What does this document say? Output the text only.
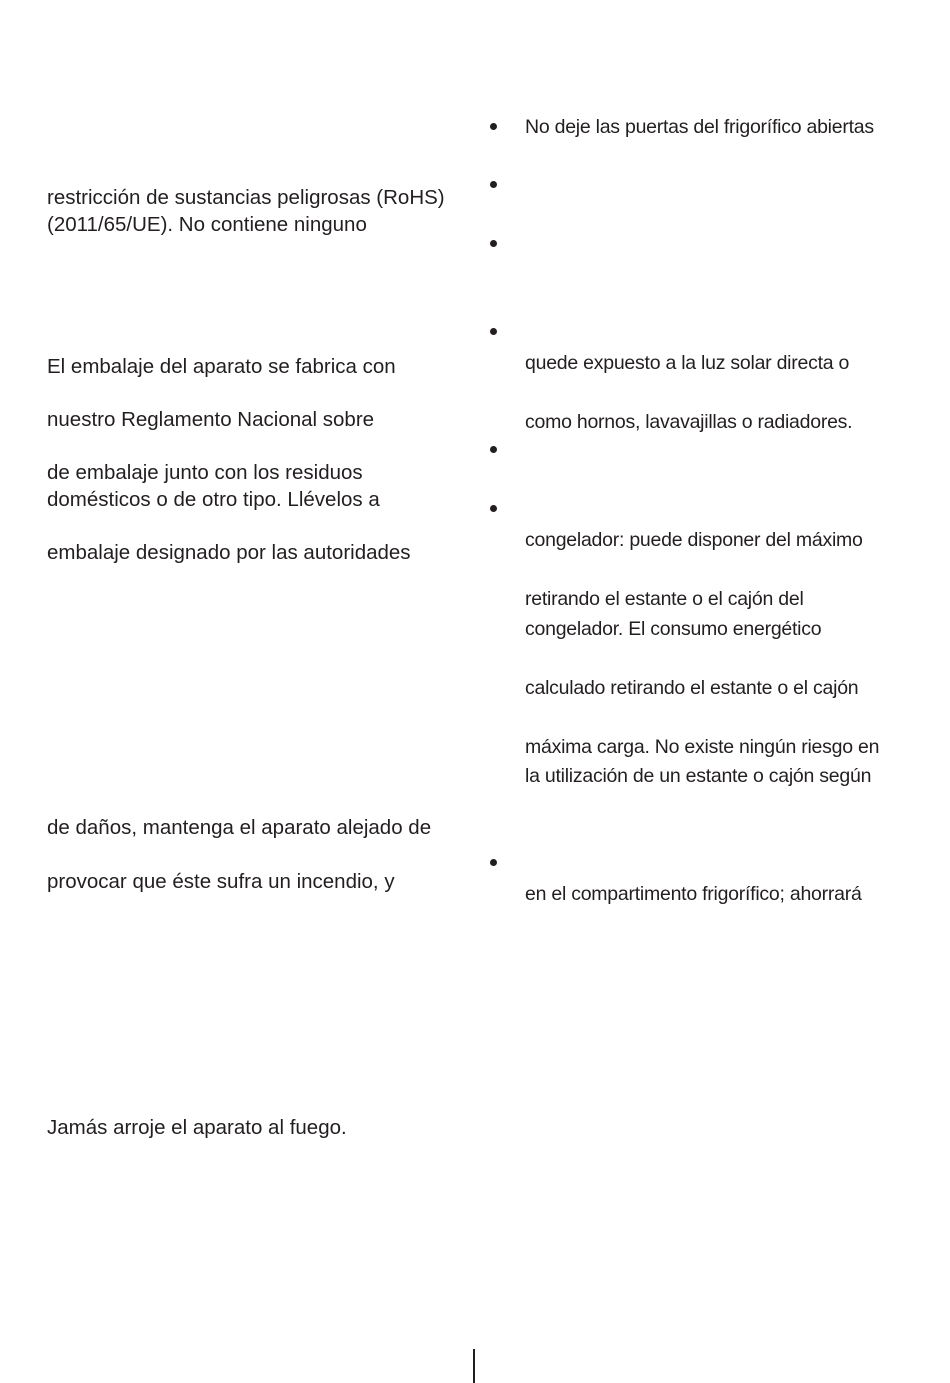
restricción de sustancias peligrosas (RoHS)
(2011/65/UE). No contiene ninguno
El embalaje del aparato se fabrica con
nuestro Reglamento Nacional sobre
de embalaje junto con los residuos
domésticos o de otro tipo. Llévelos a
embalaje designado por las autoridades
de daños, mantenga el aparato alejado de
provocar que éste sufra un incendio, y
Jamás arroje el aparato al fuego.
No deje las puertas del frigorífico abiertas
quede expuesto a la luz solar directa o
como hornos, lavavajillas o radiadores.
congelador: puede disponer del máximo
retirando el estante o el cajón del
congelador. El consumo energético
calculado retirando el estante o el cajón
máxima carga. No existe ningún riesgo en
la utilización de un estante o cajón según
en el compartimento frigorífico; ahorrará
